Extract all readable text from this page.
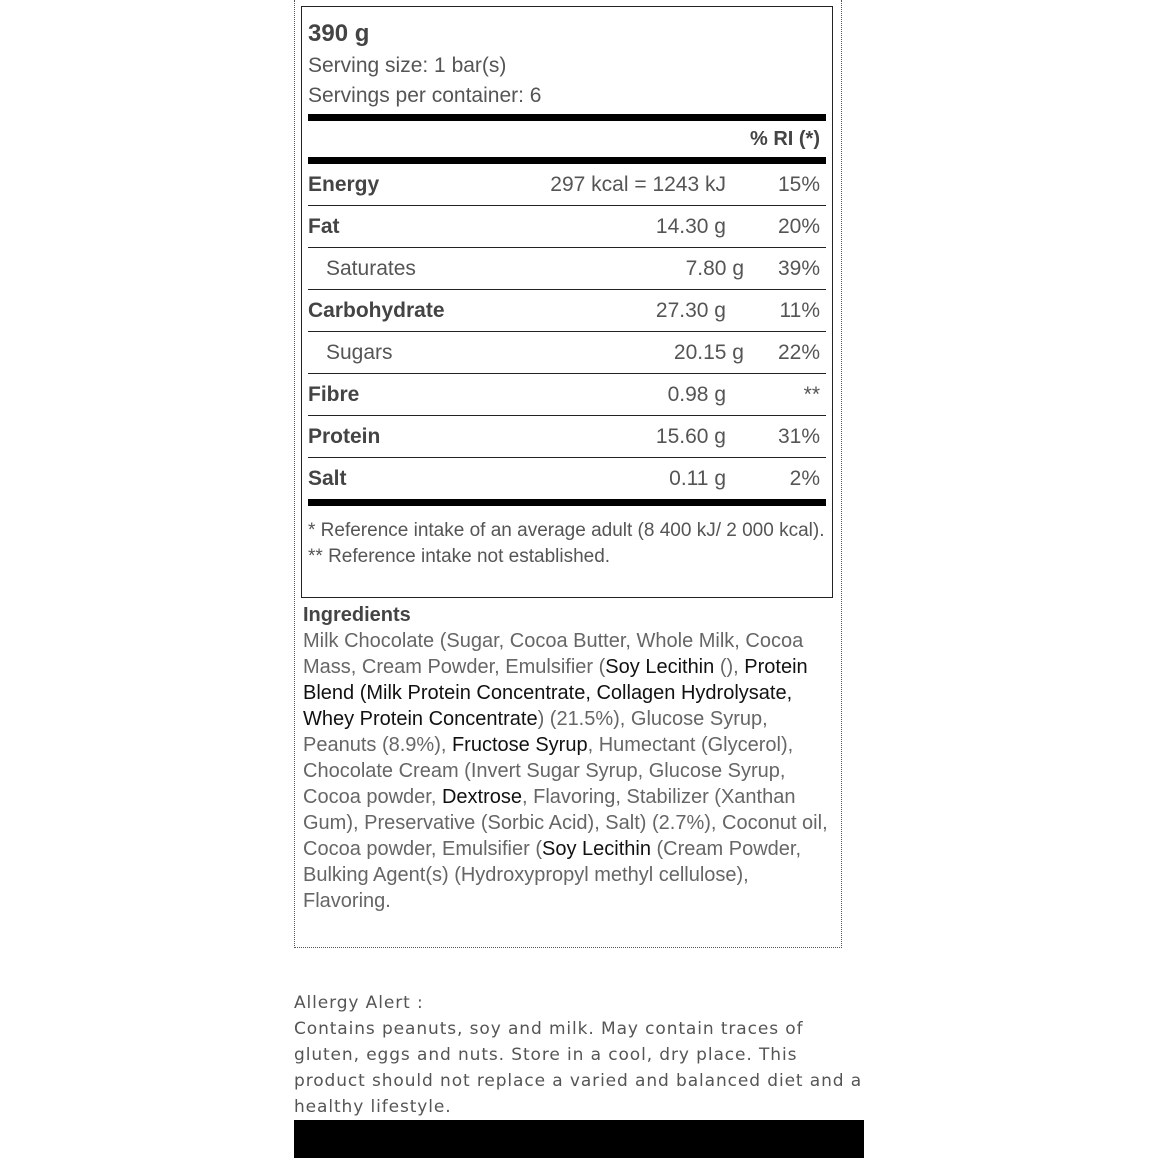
390 g
Serving size: 1 bar(s)
Servings per container: 6
% RI (*)
Energy	297 kcal = 1243 kJ	15%
Fat	14.30 g	20%
Saturates	7.80 g	39%
Carbohydrate	27.30 g	11%
Sugars	20.15 g	22%
Fibre	0.98 g	**
Protein	15.60 g	31%
Salt	0.11 g	2%
* Reference intake of an average adult (8 400 kJ/ 2 000 kcal).
** Reference intake not established.
Ingredients
Milk Chocolate (Sugar, Cocoa Butter, Whole Milk, Cocoa Mass, Cream Powder, Emulsifier (Soy Lecithin (), Protein Blend (Milk Protein Concentrate, Collagen Hydrolysate, Whey Protein Concentrate) (21.5%), Glucose Syrup, Peanuts (8.9%), Fructose Syrup, Humectant (Glycerol), Chocolate Cream (Invert Sugar Syrup, Glucose Syrup, Cocoa powder, Dextrose, Flavoring, Stabilizer (Xanthan Gum), Preservative (Sorbic Acid), Salt) (2.7%), Coconut oil, Cocoa powder, Emulsifier (Soy Lecithin (Cream Powder, Bulking Agent(s) (Hydroxypropyl methyl cellulose), Flavoring.
Allergy Alert :
Contains peanuts, soy and milk. May contain traces of gluten, eggs and nuts. Store in a cool, dry place. This product should not replace a varied and balanced diet and a healthy lifestyle.
